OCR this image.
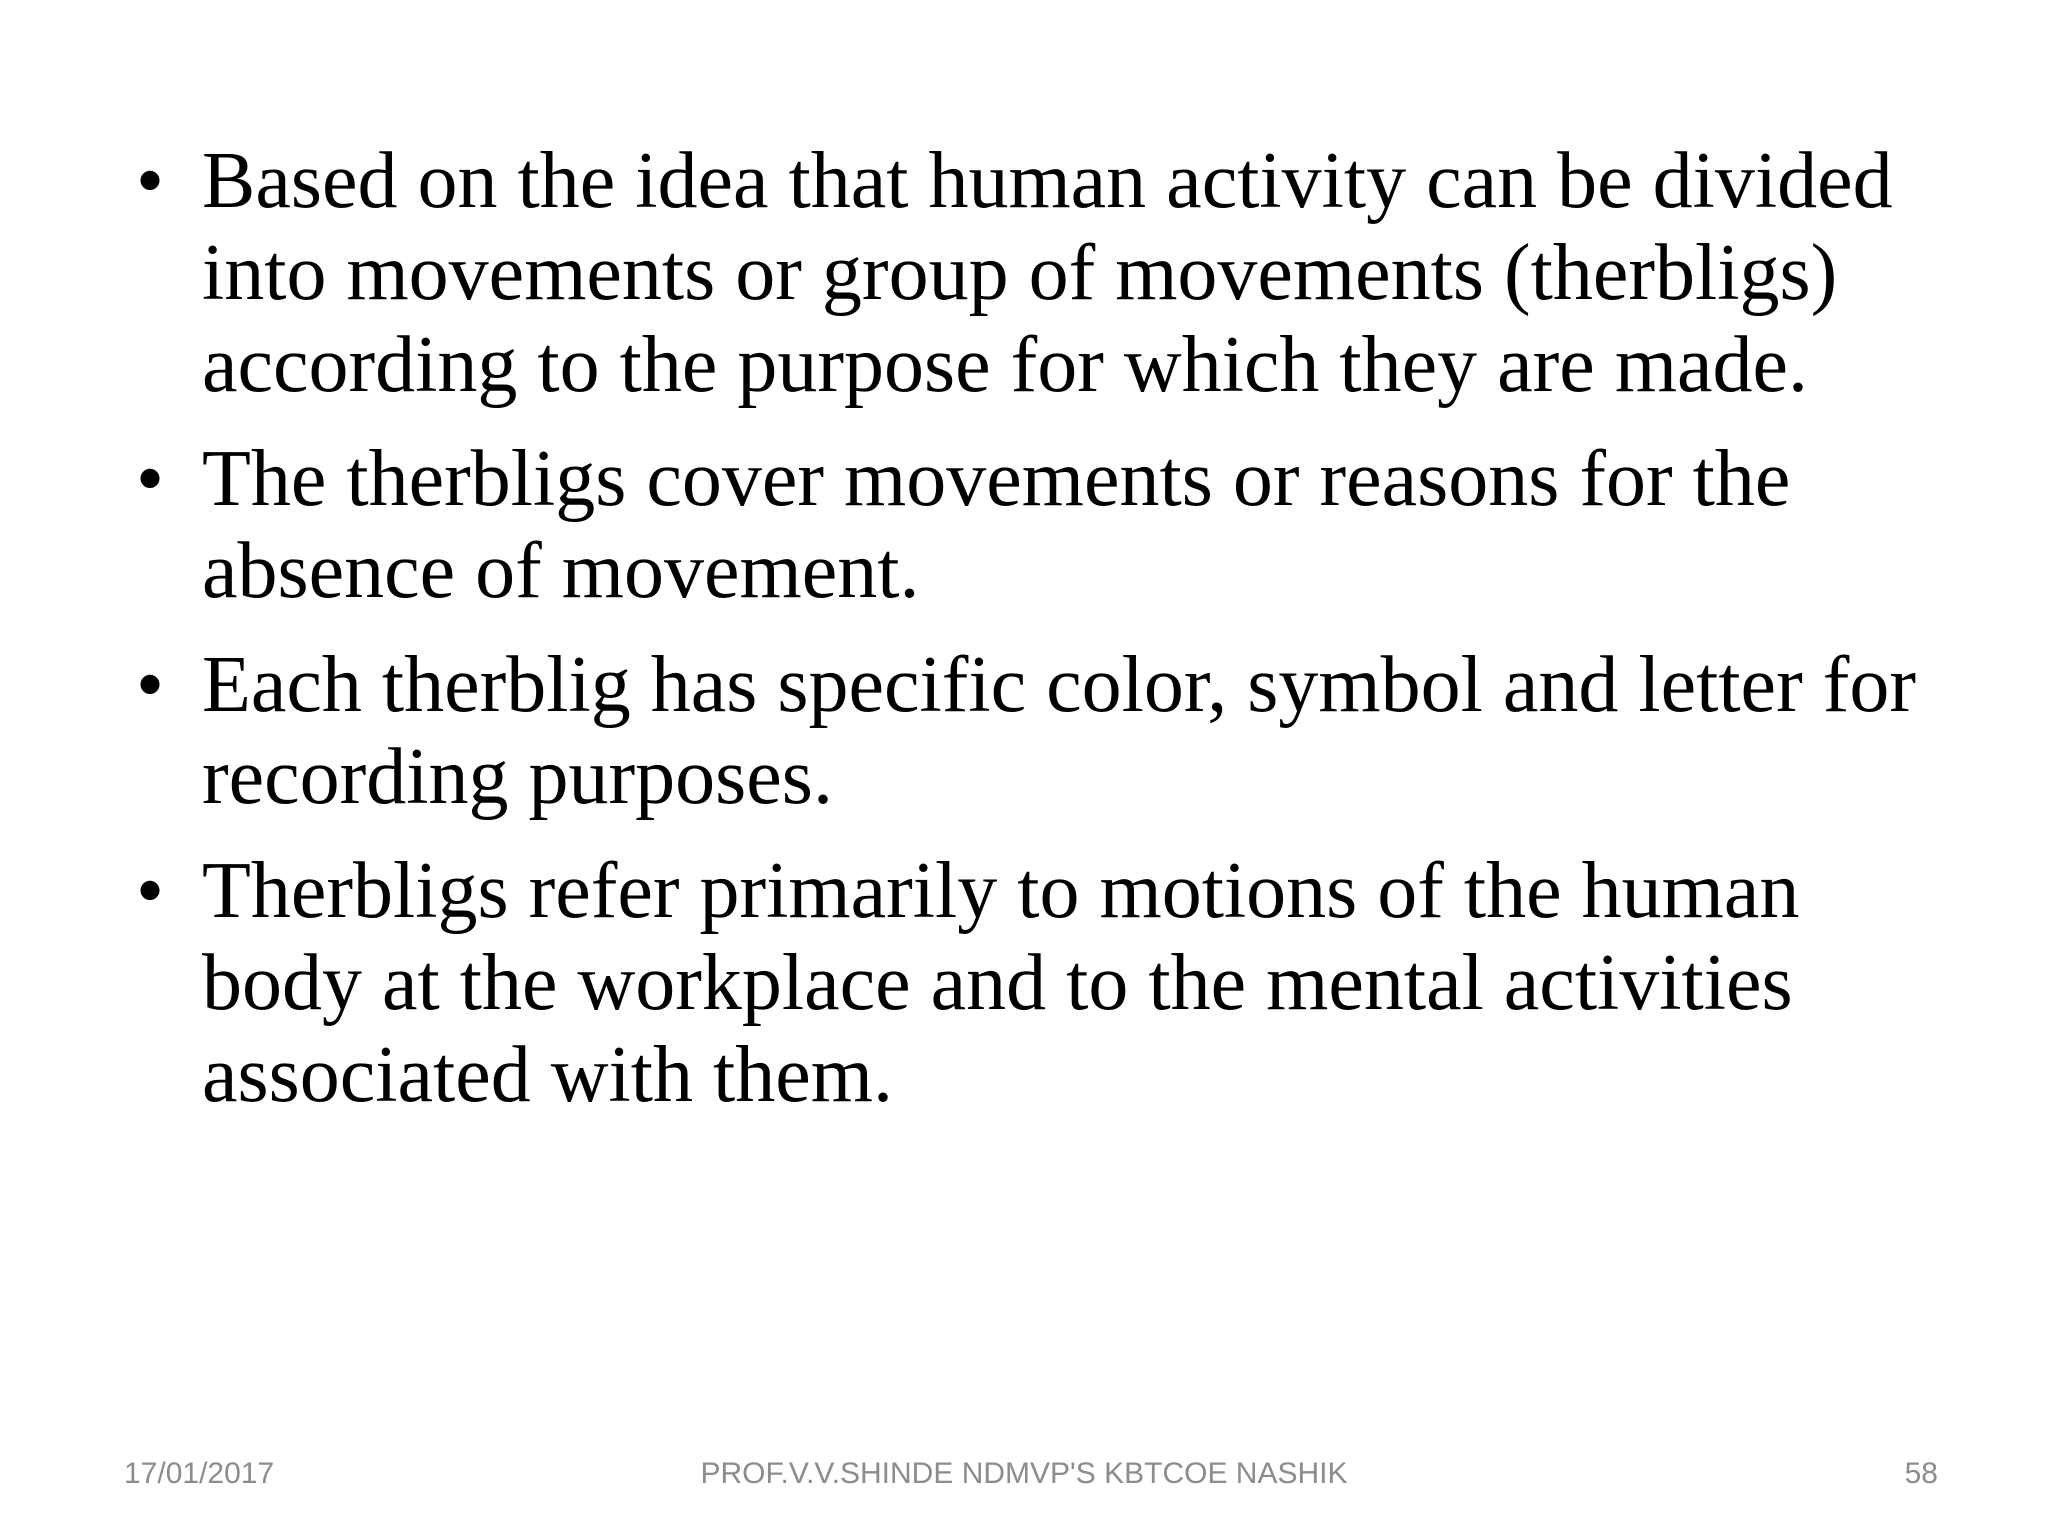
• Based on the idea that human activity can be divided into movements or group of movements (therbligs) according to the purpose for which they are made.
• The therbligs cover movements or reasons for the absence of movement.
• Each therblig has specific color, symbol and letter for recording purposes.
• Therbligs refer primarily to motions of the human body at the workplace and to the mental activities associated with them.
17/01/2017	PROF.V.V.SHINDE NDMVP'S KBTCOE NASHIK	58
